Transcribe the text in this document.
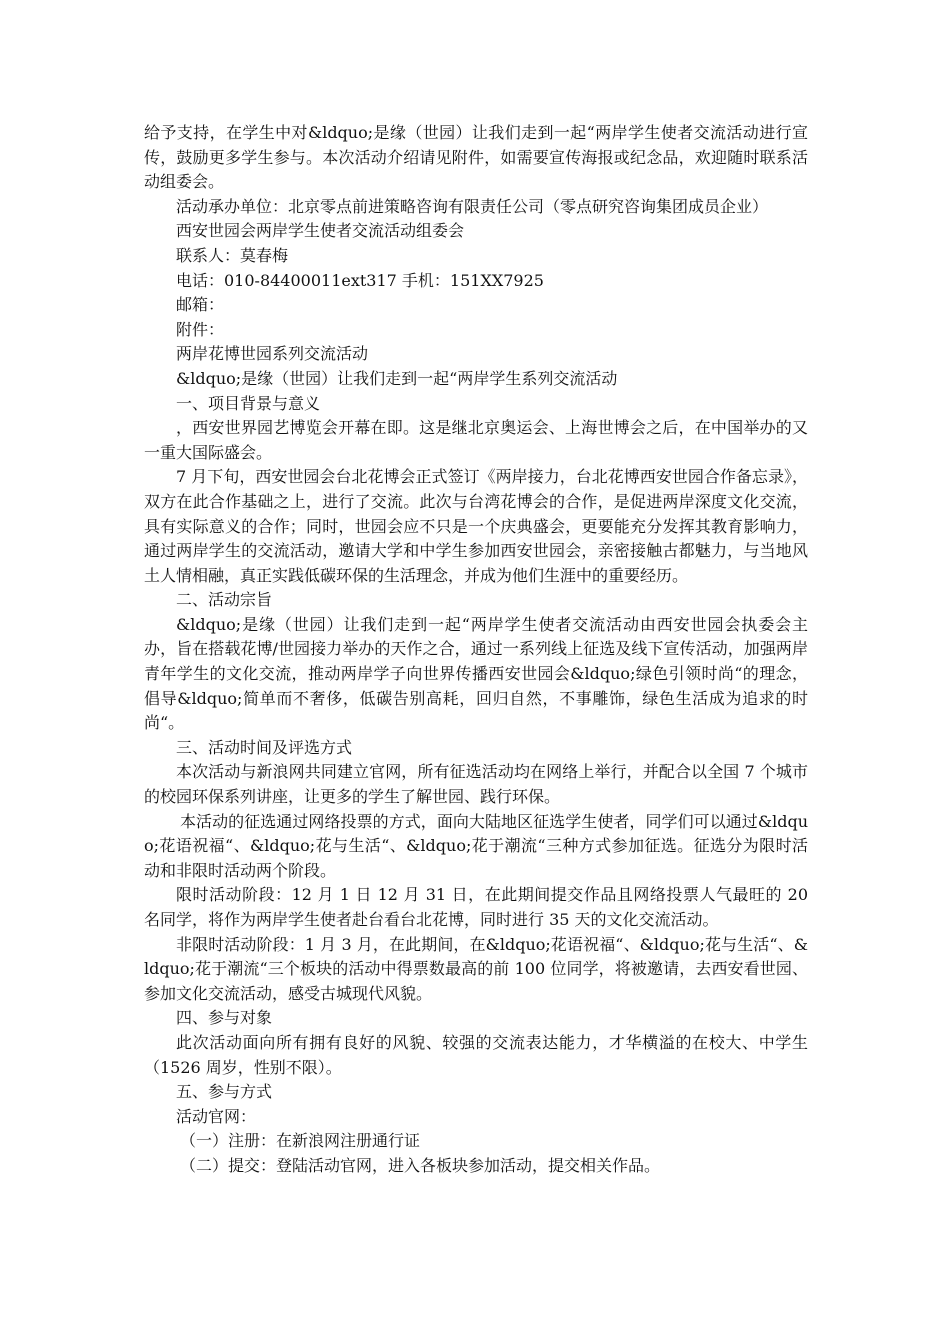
给予支持，在学生中对&ldquo;是缘（世园）让我们走到一起“两岸学生使者交流活动进行宣传，鼓励更多学生参与。本次活动介绍请见附件，如需要宣传海报或纪念品，欢迎随时联系活动组委会。

活动承办单位：北京零点前进策略咨询有限责任公司（零点研究咨询集团成员企业）

西安世园会两岸学生使者交流活动组委会

联系人：莫春梅

电话：010-84400011ext317 手机：151XX7925

邮箱：

附件：

两岸花博世园系列交流活动

&ldquo;是缘（世园）让我们走到一起“两岸学生系列交流活动

一、项目背景与意义

，西安世界园艺博览会开幕在即。这是继北京奥运会、上海世博会之后，在中国举办的又一重大国际盛会。

7 月下旬，西安世园会台北花博会正式签订《两岸接力，台北花博西安世园合作备忘录》，双方在此合作基础之上，进行了交流。此次与台湾花博会的合作，是促进两岸深度文化交流，具有实际意义的合作；同时，世园会应不只是一个庆典盛会，更要能充分发挥其教育影响力，通过两岸学生的交流活动，邀请大学和中学生参加西安世园会，亲密接触古都魅力，与当地风土人情相融，真正实践低碳环保的生活理念，并成为他们生涯中的重要经历。

二、活动宗旨

&ldquo;是缘（世园）让我们走到一起“两岸学生使者交流活动由西安世园会执委会主办，旨在搭载花博/世园接力举办的天作之合，通过一系列线上征选及线下宣传活动，加强两岸青年学生的文化交流，推动两岸学子向世界传播西安世园会&ldquo;绿色引领时尚“的理念，倡导&ldquo;简单而不奢侈，低碳告别高耗，回归自然，不事雕饰，绿色生活成为追求的时尚“。

三、活动时间及评选方式

本次活动与新浪网共同建立官网，所有征选活动均在网络上举行，并配合以全国 7 个城市的校园环保系列讲座，让更多的学生了解世园、践行环保。

本活动的征选通过网络投票的方式，面向大陆地区征选学生使者，同学们可以通过&ldquo;花语祝福“、&ldquo;花与生活“、&ldquo;花于潮流“三种方式参加征选。征选分为限时活动和非限时活动两个阶段。

限时活动阶段：12 月 1 日 12 月 31 日，在此期间提交作品且网络投票人气最旺的 20 名同学，将作为两岸学生使者赴台看台北花博，同时进行 35 天的文化交流活动。

非限时活动阶段：1 月 3 月，在此期间，在&ldquo;花语祝福“、&ldquo;花与生活“、&ldquo;花于潮流“三个板块的活动中得票数最高的前 100 位同学，将被邀请，去西安看世园、参加文化交流活动，感受古城现代风貌。

四、参与对象

此次活动面向所有拥有良好的风貌、较强的交流表达能力，才华横溢的在校大、中学生（1526 周岁，性别不限）。

五、参与方式

活动官网：

（一）注册：在新浪网注册通行证

（二）提交：登陆活动官网，进入各板块参加活动，提交相关作品。
